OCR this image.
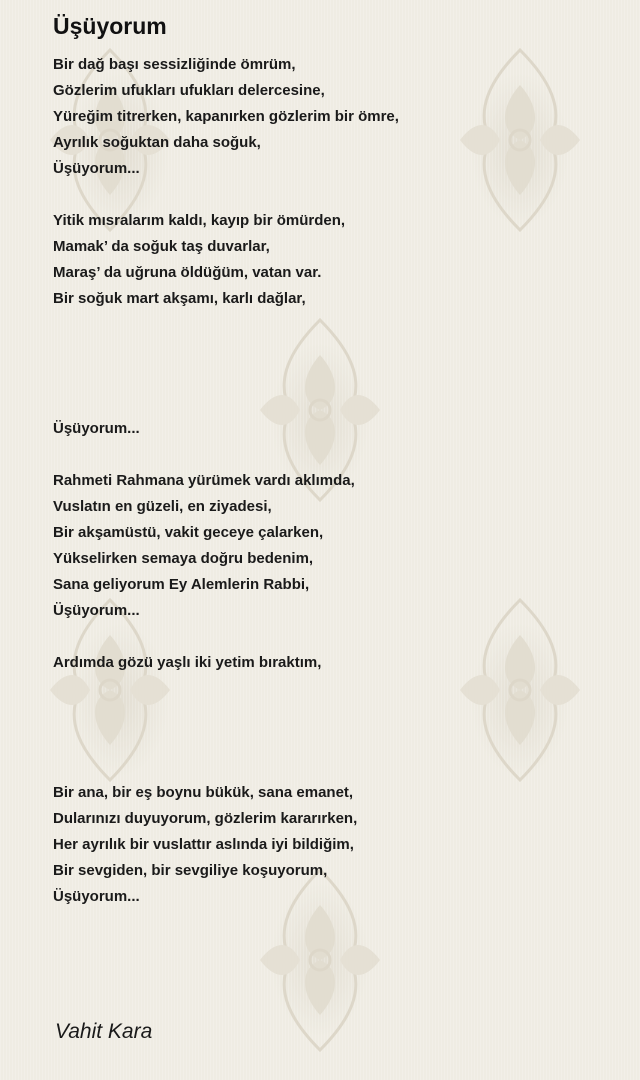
Üşüyorum
Bir dağ başı sessizliğinde ömrüm,
Gözlerim ufukları ufukları delercesine,
Yüreğim titrerken, kapanırken gözlerim bir ömre,
Ayrılık soğuktan daha soğuk,
Üşüyorum...
Yitik mısralarım kaldı, kayıp bir ömürden,
Mamak’ da soğuk taş duvarlar,
Maraş’ da uğruna öldüğüm, vatan var.
Bir soğuk mart akşamı, karlı dağlar,
Üşüyorum...
Rahmeti Rahmana yürümek vardı aklımda,
Vuslatın en güzeli, en ziyadesi,
Bir akşamüstü, vakit geceye çalarken,
Yükselirken semaya doğru bedenim,
Sana geliyorum Ey Alemlerin Rabbi,
Üşüyorum...
Ardımda gözü yaşlı iki yetim bıraktım,
Bir ana, bir eş boynu bükük, sana emanet,
Dularınızı duyuyorum, gözlerim kararırken,
Her ayrılık bir vuslattır aslında iyi bildiğim,
Bir sevgiden, bir sevgiliye koşuyorum,
Üşüyorum...
Vahit Kara
